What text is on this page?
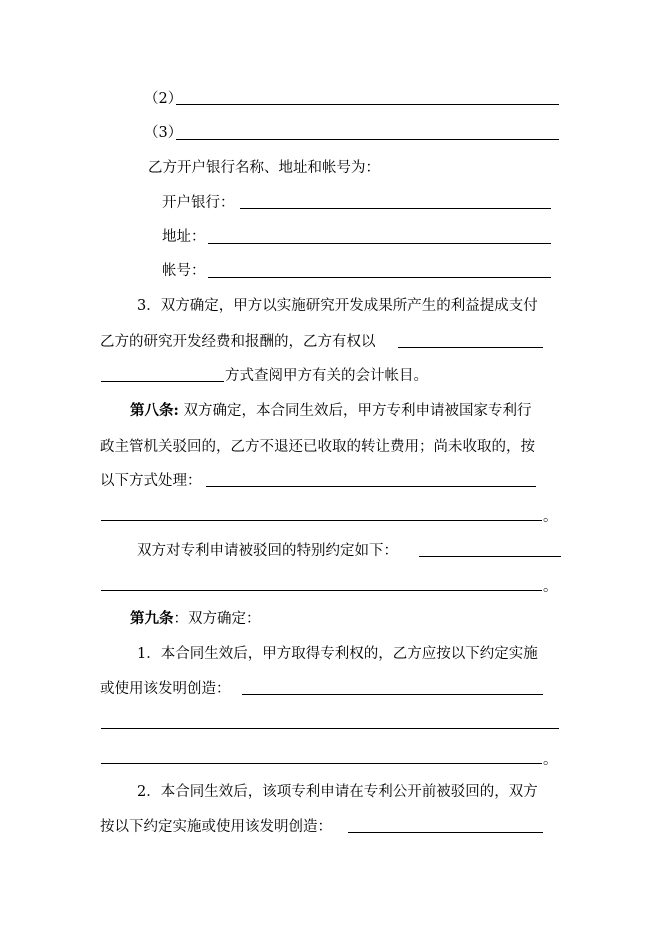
（2）
（3）
乙方开户银行名称、地址和帐号为：
开户银行：
地址：
帐号：
3．双方确定，甲方以实施研究开发成果所产生的利益提成支付
乙方的研究开发经费和报酬的，乙方有权以
方式查阅甲方有关的会计帐目。
第八条: 双方确定，本合同生效后，甲方专利申请被国家专利行
政主管机关驳回的，乙方不退还已收取的转让费用；尚未收取的，按
以下方式处理：
。
双方对专利申请被驳回的特别约定如下：
。
第九条：双方确定：
1．本合同生效后，甲方取得专利权的，乙方应按以下约定实施
或使用该发明创造：
。
2．本合同生效后，该项专利申请在专利公开前被驳回的，双方
按以下约定实施或使用该发明创造：
